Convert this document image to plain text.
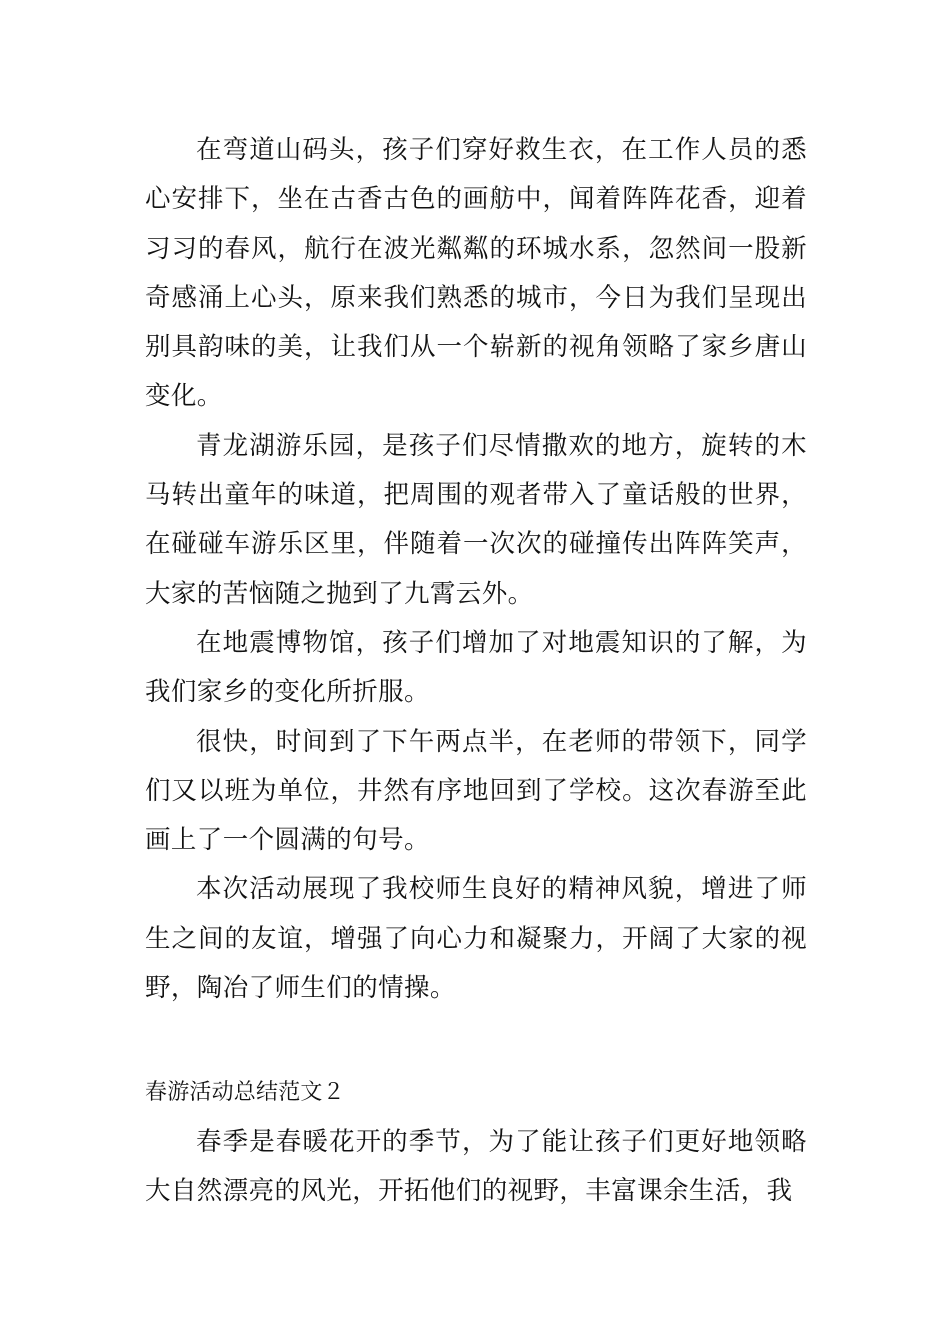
在弯道山码头，孩子们穿好救生衣，在工作人员的悉心安排下，坐在古香古色的画舫中，闻着阵阵花香，迎着习习的春风，航行在波光粼粼的环城水系，忽然间一股新奇感涌上心头，原来我们熟悉的城市，今日为我们呈现出别具韵味的美，让我们从一个崭新的视角领略了家乡唐山变化。

青龙湖游乐园，是孩子们尽情撒欢的地方，旋转的木马转出童年的味道，把周围的观者带入了童话般的世界，在碰碰车游乐区里，伴随着一次次的碰撞传出阵阵笑声，大家的苦恼随之抛到了九霄云外。

在地震博物馆，孩子们增加了对地震知识的了解，为我们家乡的变化所折服。

很快，时间到了下午两点半，在老师的带领下，同学们又以班为单位，井然有序地回到了学校。这次春游至此画上了一个圆满的句号。

本次活动展现了我校师生良好的精神风貌，增进了师生之间的友谊，增强了向心力和凝聚力，开阔了大家的视野，陶冶了师生们的情操。

春游活动总结范文２

春季是春暖花开的季节，为了能让孩子们更好地领略大自然漂亮的风光，开拓他们的视野，丰富课余生活，我
